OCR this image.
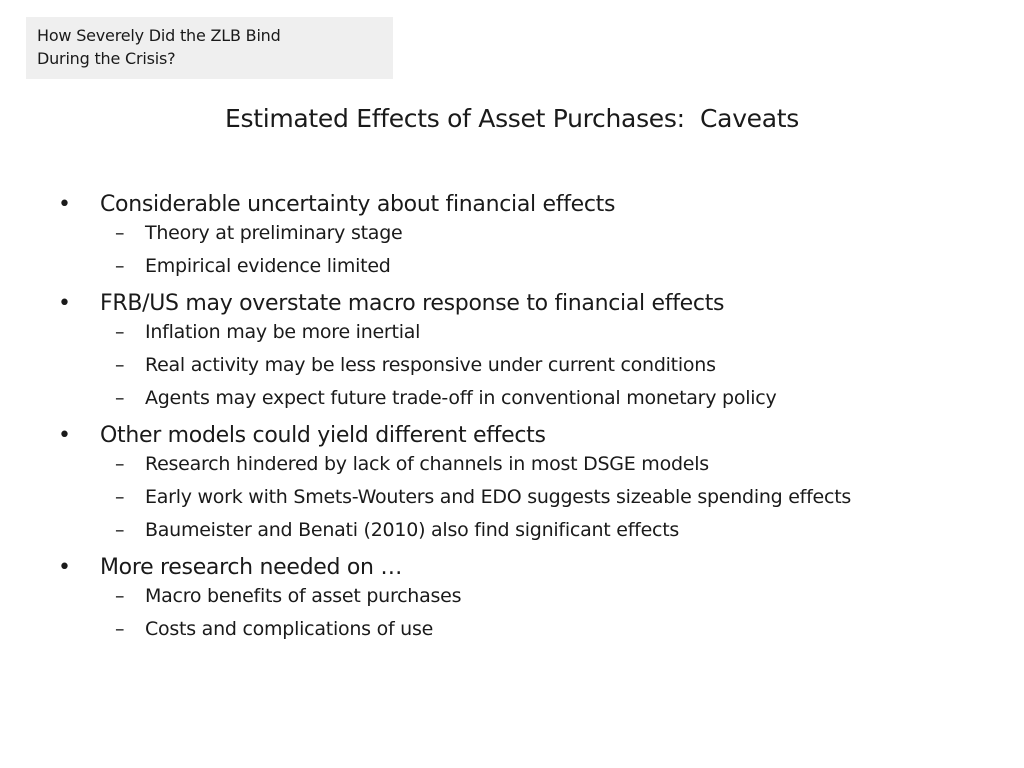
How Severely Did the ZLB Bind
During the Crisis?
Estimated Effects of Asset Purchases:  Caveats
• Considerable uncertainty about financial effects
– Theory at preliminary stage
– Empirical evidence limited
• FRB/US may overstate macro response to financial effects
– Inflation may be more inertial
– Real activity may be less responsive under current conditions
– Agents may expect future trade-off in conventional monetary policy
• Other models could yield different effects
– Research hindered by lack of channels in most DSGE models
– Early work with Smets-Wouters and EDO suggests sizeable spending effects
– Baumeister and Benati (2010) also find significant effects
• More research needed on …
– Macro benefits of asset purchases
– Costs and complications of use
